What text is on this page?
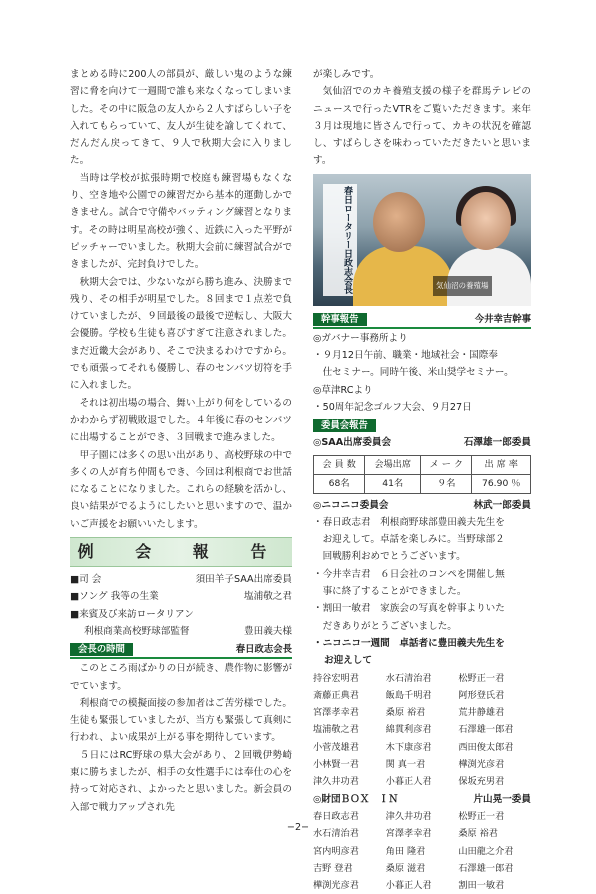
まとめる時に200人の部員が、厳しい鬼のような練習に脅を向けて一週間で誰も来なくなってしまいました。その中に阪急の友人から２人すばらしい子を入れてもらっていて、友人が生徒を諭してくれて、だんだん戻ってきて、９人で秋期大会に入りました。

当時は学校が拡張時期で校庭も練習場もなくなり、空き地や公園での練習だから基本的運動しかできません。試合で守備やバッティング練習となります。その時は明星高校が強く、近鉄に入った平野がピッチャーでいました。秋期大会前に練習試合ができましたが、完封負けでした。

秋期大会では、少ないながら勝ち進み、決勝まで残り、その相手が明星でした。８回まで１点差で負けていましたが、９回最後の最後で逆転し、大阪大会優勝。学校も生徒も喜びすぎて注意されました。まだ近畿大会があり、そこで決まるわけですから。でも頑張ってそれも優勝し、春のセンバツ切符を手に入れました。

それは初出場の場合、舞い上がり何をしているのかわからず初戦敗退でした。４年後に春のセンバツに出場することができ、３回戦まで進みました。

甲子園には多くの思い出があり、高校野球の中で多くの人が育ち仲間もでき、今回は利根商でお世話になることになりました。これらの経験を活かし、良い結果がでるようにしたいと思いますので、温かいご声援をお願いいたします。

例 会 報 告
■司 会	須田羊子SAA出席委員
■ソング 我等の生業	塩浦敬之君
■来賓及び来訪ロータリアン
利根商業高校野球部監督	豊田義夫様
会長の時間	春日政志会長

このところ雨ばかりの日が続き、農作物に影響がでています。

利根商での模擬面接の参加者はご苦労様でした。生徒も緊張していましたが、当方も緊張して真剣に行われ、よい成果が上がる事を期待しています。

５日にはRC野球の県大会があり、２回戦伊勢崎東に勝ちましたが、相手の女性選手には奉仕の心を持って対応され、よかったと思いました。新会員の入部で戦力アップされ先

が楽しみです。

気仙沼でのカキ養殖支援の様子を群馬テレビのニュースで行ったVTRをご覧いただきます。来年３月は現地に皆さんで行って、カキの状況を確認し、すばらしさを味わっていただきたいと思います。

春日ロータリー日政志会長	気仙沼の養殖場
幹事報告	今井幸吉幹事
◎ガバナー事務所より
・９月12日午前、職業・地域社会・国際奉
　仕セミナー。同時午後、米山奨学セミナー。
◎草津RCより
・50周年記念ゴルフ大会、９月27日
委員会報告
◎SAA出席委員会	石澤雄一郎委員
会 員 数	会場出席	メ ー ク	出 席 率
68名	41名	９名	76.90 ％
◎ニコニコ委員会	林武一郎委員
・春日政志君　利根商野球部豊田義夫先生を
　お迎えして。卓話を楽しみに。当野球部２
　回戦勝利おめでとうございます。
・今井幸吉君　６日会社のコンペを開催し無
　事に終了することができました。
・割田一敏君　家族会の写真を幹事よりいた
　だきありがとうございました。
・ニコニコ一週間　卓話者に豊田義夫先生を
お迎えして
持谷宏明君	水石清治君	松野正一君
斎藤正典君	飯島千明君	阿形登氏君
宮澤孝幸君	桑原 裕君	荒井静雄君
塩浦敬之君	綿貫利彦君	石澤雄一郎君
小菅茂雄君	木下康彦君	西田俊太郎君
小林賢一君	関 真一君	樺渕光彦君
津久井功君	小暮正人君	保坂充男君
◎財団ＢＯＸ　ＩＮ	片山晃一委員
春日政志君	津久井功君	松野正一君
水石清治君	宮澤孝幸君	桑原 裕君
宮内明彦君	角田 隆君	山田龍之介君
吉野 登君	桑原 滋君	石澤雄一郎君
樺渕光彦君	小暮正人君	割田一敏君
−2−
